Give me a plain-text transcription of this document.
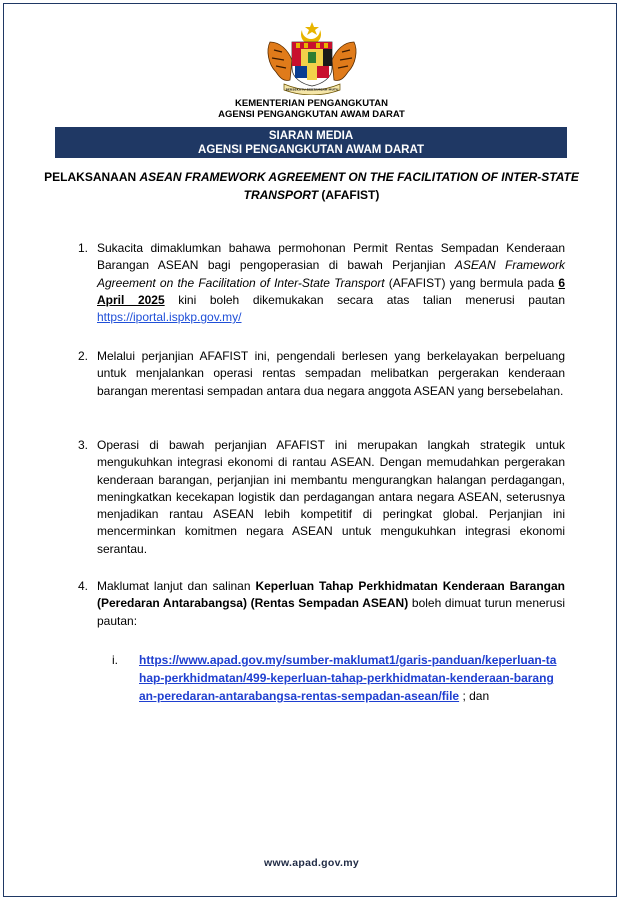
BERSEKUTU BERTAMBAH MUTU
KEMENTERIAN PENGANGKUTAN
AGENSI PENGANGKUTAN AWAM DARAT
SIARAN MEDIA
AGENSI PENGANGKUTAN AWAM DARAT
PELAKSANAAN ASEAN FRAMEWORK AGREEMENT ON THE FACILITATION OF INTER-STATE TRANSPORT (AFAFIST)
1. Sukacita dimaklumkan bahawa permohonan Permit Rentas Sempadan Kenderaan Barangan ASEAN bagi pengoperasian di bawah Perjanjian ASEAN Framework Agreement on the Facilitation of Inter-State Transport (AFAFIST) yang bermula pada 6 April 2025 kini boleh dikemukakan secara atas talian menerusi pautan https://iportal.ispkp.gov.my/
2. Melalui perjanjian AFAFIST ini, pengendali berlesen yang berkelayakan berpeluang untuk menjalankan operasi rentas sempadan melibatkan pergerakan kenderaan barangan merentasi sempadan antara dua negara anggota ASEAN yang bersebelahan.
3. Operasi di bawah perjanjian AFAFIST ini merupakan langkah strategik untuk mengukuhkan integrasi ekonomi di rantau ASEAN. Dengan memudahkan pergerakan kenderaan barangan, perjanjian ini membantu mengurangkan halangan perdagangan, meningkatkan kecekapan logistik dan perdagangan antara negara ASEAN, seterusnya menjadikan rantau ASEAN lebih kompetitif di peringkat global. Perjanjian ini mencerminkan komitmen negara ASEAN untuk mengukuhkan integrasi ekonomi serantau.
4. Maklumat lanjut dan salinan Keperluan Tahap Perkhidmatan Kenderaan Barangan (Peredaran Antarabangsa) (Rentas Sempadan ASEAN) boleh dimuat turun menerusi pautan:
i. https://www.apad.gov.my/sumber-maklumat1/garis-panduan/keperluan-tahap-perkhidmatan/499-keperluan-tahap-perkhidmatan-kenderaan-barangan-peredaran-antarabangsa-rentas-sempadan-asean/file ; dan
www.apad.gov.my
